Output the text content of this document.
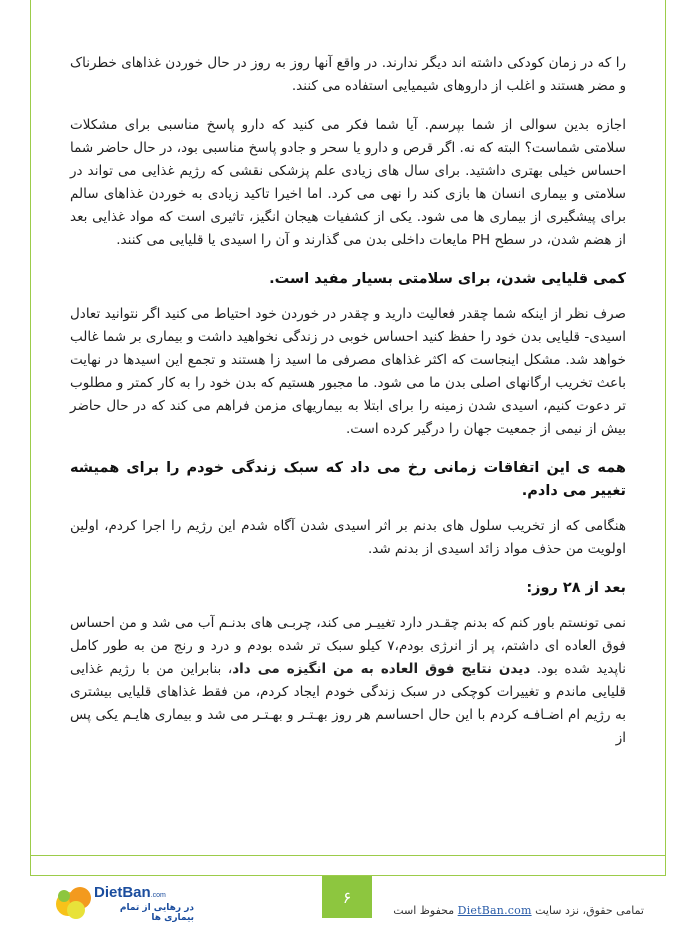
را که در زمان کودکی داشته اند دیگر ندارند. در واقع آنها روز به روز در حال خوردن غذاهای خطرناک و مضر هستند و اغلب از داروهای شیمیایی استفاده می کنند.

اجازه بدین سوالی از شما بپرسم. آیا شما فکر می کنید که دارو پاسخ مناسبی برای مشکلات سلامتی شماست؟ البته که نه. اگر قرص و دارو یا سحر و جادو پاسخ مناسبی بود، در حال حاضر شما احساس خیلی بهتری داشتید. برای سال های زیادی علم پزشکی نقشی که رژیم غذایی می تواند در سلامتی و بیماری انسان ها بازی کند را نهی می کرد. اما اخیرا تاکید زیادی به خوردن غذاهای سالم برای پیشگیری از بیماری ها می شود. یکی از کشفیات هیجان انگیز، تاثیری است که مواد غذایی بعد از هضم شدن، در سطح PH مایعات داخلی بدن می گذارند و آن را اسیدی یا قلیایی می کنند.

کمی قلیایی شدن، برای سلامتی بسیار مفید است.

صرف نظر از اینکه شما چقدر فعالیت دارید و چقدر در خوردن خود احتیاط می کنید اگر نتوانید تعادل اسیدی- قلیایی بدن خود را حفظ کنید احساس خوبی در زندگی نخواهید داشت و بیماری بر شما غالب خواهد شد. مشکل اینجاست که اکثر غذاهای مصرفی ما اسید زا هستند و تجمع این اسیدها در نهایت باعث تخریب ارگانهای اصلی بدن ما می شود. ما مجبور هستیم که بدن خود را به کار کمتر و مطلوب تر دعوت کنیم، اسیدی شدن زمینه را برای ابتلا به بیماریهای مزمن فراهم می کند که در حال حاضر بیش از نیمی از جمعیت جهان را درگیر کرده است.

همه ی این اتفاقات زمانی رخ می داد که سبک زندگی خودم را برای همیشه تغییر می دادم.

هنگامی که از تخریب سلول های بدنم بر اثر اسیدی شدن آگاه شدم این رژیم را اجرا کردم، اولین اولویت من حذف مواد زائد اسیدی از بدنم شد.

بعد از ۲۸ روز:

نمی تونستم باور کنم که بدنم چقـدر دارد تغییـر می کند، چربـی های بدنـم آب می شد و من احساس فوق العاده ای داشتم، پر از انرژی بودم،۷ کیلو سبک تر شده بودم و درد و رنج من به طور کامل ناپدید شده بود. دیدن نتایج فوق العاده به من انگیزه می داد، بنابراین من با رژیم غذایی قلیایی ماندم و تغییرات کوچکی در سبک زندگی خودم ایجاد کردم، من فقط غذاهای قلیایی بیشتری به رژیم ام اضـافـه کردم با این حال احساسم هر روز بهـتـر و بهـتـر می شد و بیماری هایـم یکی پس از

DietBan.com
در رهایی از تمام بیماری ها
۶
تمامی حقوق، نزد سایت DietBan.com محفوظ است
